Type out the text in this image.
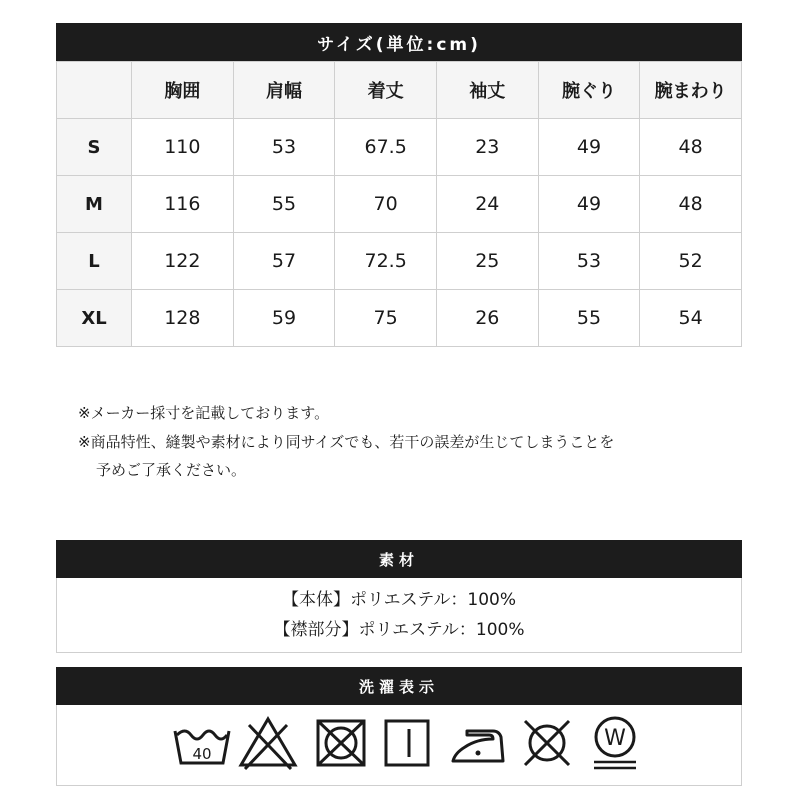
サイズ(単位:cm)
	胸囲	肩幅	着丈	袖丈	腕ぐり	腕まわり
S	110	53	67.5	23	49	48
M	116	55	70	24	49	48
L	122	57	72.5	25	53	52
XL	128	59	75	26	55	54
※メーカー採寸を記載しております。
※商品特性、縫製や素材により同サイズでも、若干の誤差が生じてしまうことを
予めご了承ください。
素材
【本体】ポリエステル：100%
【襟部分】ポリエステル：100%
洗濯表示
40
W
